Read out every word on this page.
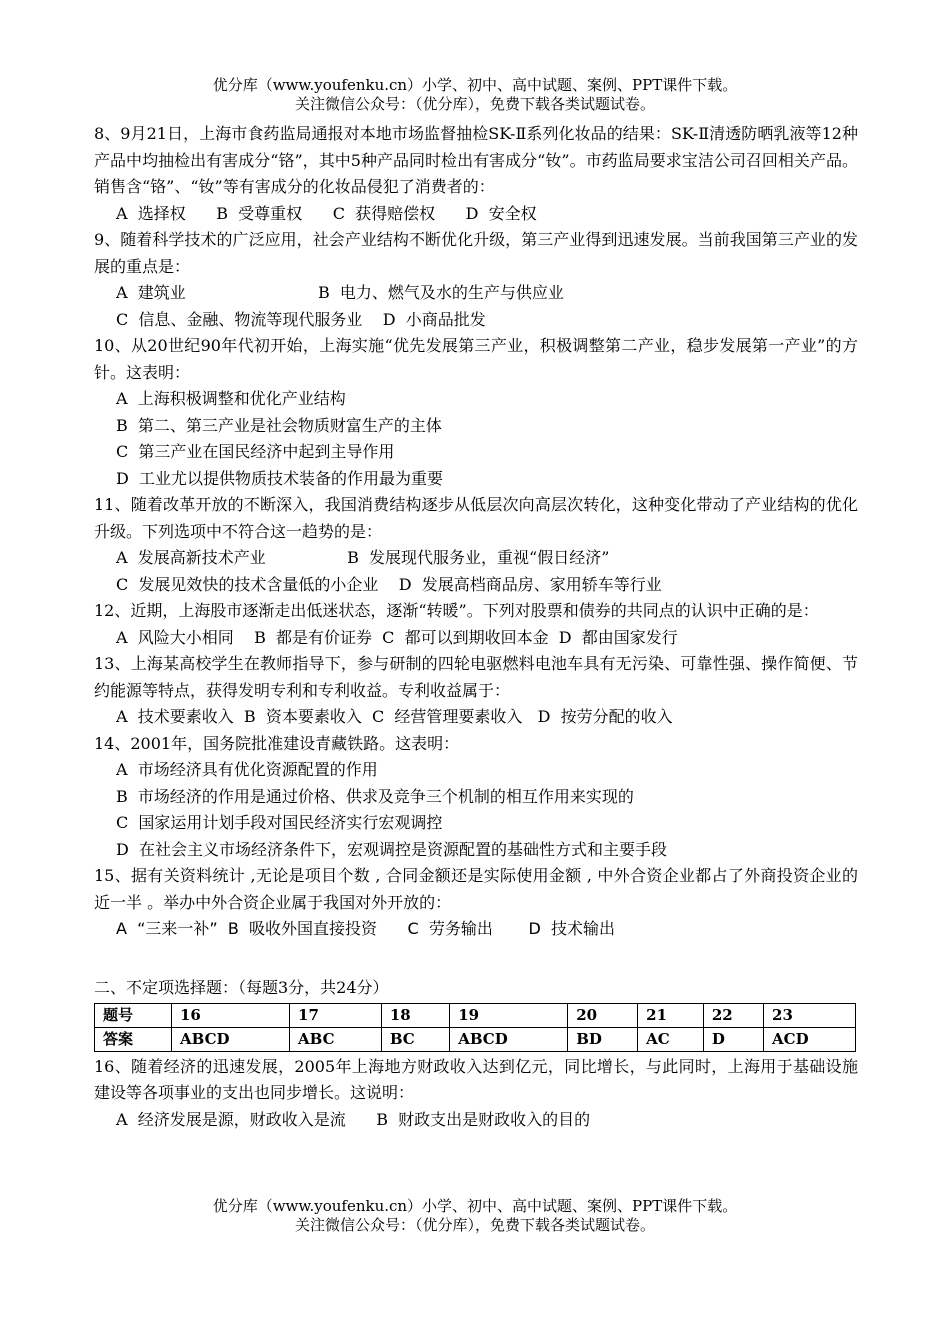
优分库（www.youfenku.cn）小学、初中、高中试题、案例、PPT课件下载。
关注微信公众号：（优分库），免费下载各类试题试卷。
8、9月21日，上海市食药监局通报对本地市场监督抽检SK-Ⅱ系列化妆品的结果：SK-Ⅱ清透防晒乳液等12种产品中均抽检出有害成分“铬”，其中5种产品同时检出有害成分“钕”。市药监局要求宝洁公司召回相关产品。销售含“铬”、“钕”等有害成分的化妆品侵犯了消费者的：
A  选择权      B  受尊重权      C  获得赔偿权      D  安全权
9、随着科学技术的广泛应用，社会产业结构不断优化升级，第三产业得到迅速发展。当前我国第三产业的发展的重点是：
A  建筑业                          B  电力、燃气及水的生产与供应业
C  信息、金融、物流等现代服务业    D  小商品批发
10、从20世纪90年代初开始，上海实施“优先发展第三产业，积极调整第二产业，稳步发展第一产业”的方针。这表明：
A  上海积极调整和优化产业结构
B  第二、第三产业是社会物质财富生产的主体
C  第三产业在国民经济中起到主导作用
D  工业尤以提供物质技术装备的作用最为重要
11、随着改革开放的不断深入，我国消费结构逐步从低层次向高层次转化，这种变化带动了产业结构的优化升级。下列选项中不符合这一趋势的是：
A  发展高新技术产业                B  发展现代服务业，重视“假日经济”
C  发展见效快的技术含量低的小企业    D  发展高档商品房、家用轿车等行业
12、近期，上海股市逐渐走出低迷状态，逐渐“转暖”。下列对股票和债券的共同点的认识中正确的是：
A  风险大小相同    B  都是有价证券  C  都可以到期收回本金  D  都由国家发行
13、上海某高校学生在教师指导下，参与研制的四轮电驱燃料电池车具有无污染、可靠性强、操作简便、节约能源等特点，获得发明专利和专利收益。专利收益属于：
A  技术要素收入  B  资本要素收入  C  经营管理要素收入   D  按劳分配的收入
14、2001年，国务院批准建设青藏铁路。这表明：
A  市场经济具有优化资源配置的作用
B  市场经济的作用是通过价格、供求及竞争三个机制的相互作用来实现的
C  国家运用计划手段对国民经济实行宏观调控
D  在社会主义市场经济条件下，宏观调控是资源配置的基础性方式和主要手段
15、据有关资料统计 ,无论是项目个数 , 合同金额还是实际使用金额 , 中外合资企业都占了外商投资企业的近一半 。举办中外合资企业属于我国对外开放的：
A  “三来一补”  B  吸收外国直接投资      C  劳务输出       D  技术输出
二、不定项选择题：（每题3分，共24分）
题号	16	17	18	19	20	21	22	23
答案	ABCD	ABC	BC	ABCD	BD	AC	D	ACD
16、随着经济的迅速发展，2005年上海地方财政收入达到亿元，同比增长，与此同时，上海用于基础设施建设等各项事业的支出也同步增长。这说明：
A  经济发展是源，财政收入是流      B  财政支出是财政收入的目的
优分库（www.youfenku.cn）小学、初中、高中试题、案例、PPT课件下载。
关注微信公众号：（优分库），免费下载各类试题试卷。
